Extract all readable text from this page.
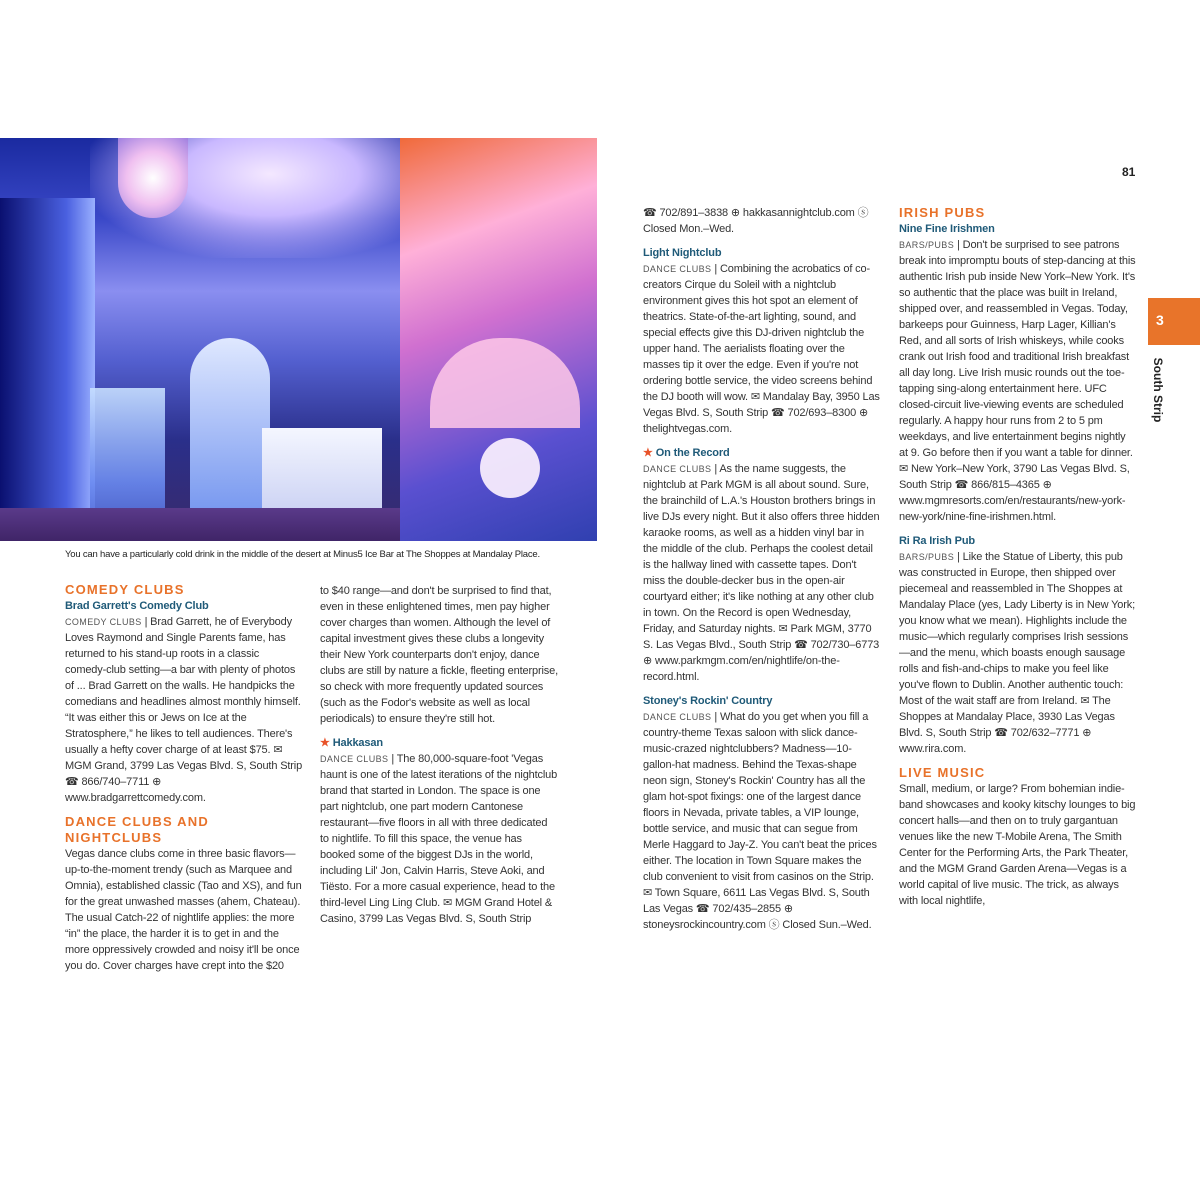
You can have a particularly cold drink in the middle of the desert at Minus5 Ice Bar at The Shoppes at Mandalay Place.
81
3
South Strip
COMEDY CLUBS
Brad Garrett's Comedy Club

COMEDY CLUBS | Brad Garrett, he of Everybody Loves Raymond and Single Parents fame, has returned to his stand-up roots in a classic comedy-club setting—a bar with plenty of photos of ... Brad Garrett on the walls. He handpicks the comedians and headlines almost monthly himself. “It was either this or Jews on Ice at the Stratosphere,” he likes to tell audiences. There's usually a hefty cover charge of at least $75. ✉ MGM Grand, 3799 Las Vegas Blvd. S, South Strip ☎ 866/740–7711 ⊕ www.bradgarrettcomedy.com.

DANCE CLUBS AND NIGHTCLUBS

Vegas dance clubs come in three basic flavors—up-to-the-moment trendy (such as Marquee and Omnia), established classic (Tao and XS), and fun for the great unwashed masses (ahem, Chateau). The usual Catch-22 of nightlife applies: the more “in” the place, the harder it is to get in and the more oppressively crowded and noisy it'll be once you do. Cover charges have crept into the $20

to $40 range—and don't be surprised to find that, even in these enlightened times, men pay higher cover charges than women. Although the level of capital investment gives these clubs a longevity their New York counterparts don't enjoy, dance clubs are still by nature a fickle, fleeting enterprise, so check with more frequently updated sources (such as the Fodor's website as well as local periodicals) to ensure they're still hot.

★ Hakkasan

DANCE CLUBS | The 80,000-square-foot 'Vegas haunt is one of the latest iterations of the nightclub brand that started in London. The space is one part nightclub, one part modern Cantonese restaurant—five floors in all with three dedicated to nightlife. To fill this space, the venue has booked some of the biggest DJs in the world, including Lil' Jon, Calvin Harris, Steve Aoki, and Tiësto. For a more casual experience, head to the third-level Ling Ling Club. ✉ MGM Grand Hotel & Casino, 3799 Las Vegas Blvd. S, South Strip

☎ 702/891–3838 ⊕ hakkasannightclub.com ⓢ Closed Mon.–Wed.

Light Nightclub

DANCE CLUBS | Combining the acrobatics of co-creators Cirque du Soleil with a nightclub environment gives this hot spot an element of theatrics. State-of-the-art lighting, sound, and special effects give this DJ-driven nightclub the upper hand. The aerialists floating over the masses tip it over the edge. Even if you're not ordering bottle service, the video screens behind the DJ booth will wow. ✉ Mandalay Bay, 3950 Las Vegas Blvd. S, South Strip ☎ 702/693–8300 ⊕ thelightvegas.com.

★ On the Record

DANCE CLUBS | As the name suggests, the nightclub at Park MGM is all about sound. Sure, the brainchild of L.A.'s Houston brothers brings in live DJs every night. But it also offers three hidden karaoke rooms, as well as a hidden vinyl bar in the middle of the club. Perhaps the coolest detail is the hallway lined with cassette tapes. Don't miss the double-decker bus in the open-air courtyard either; it's like nothing at any other club in town. On the Record is open Wednesday, Friday, and Saturday nights. ✉ Park MGM, 3770 S. Las Vegas Blvd., South Strip ☎ 702/730–6773 ⊕ www.parkmgm.com/en/nightlife/on-the-record.html.

Stoney's Rockin' Country

DANCE CLUBS | What do you get when you fill a country-theme Texas saloon with slick dance-music-crazed nightclubbers? Madness—10-gallon-hat madness. Behind the Texas-shape neon sign, Stoney's Rockin' Country has all the glam hot-spot fixings: one of the largest dance floors in Nevada, private tables, a VIP lounge, bottle service, and music that can segue from Merle Haggard to Jay-Z. You can't beat the prices either. The location in Town Square makes the club convenient to visit from casinos on the Strip. ✉ Town Square, 6611 Las Vegas Blvd. S, South Las Vegas ☎ 702/435–2855 ⊕ stoneysrockincountry.com ⓢ Closed Sun.–Wed.

IRISH PUBS
Nine Fine Irishmen

BARS/PUBS | Don't be surprised to see patrons break into impromptu bouts of step-dancing at this authentic Irish pub inside New York–New York. It's so authentic that the place was built in Ireland, shipped over, and reassembled in Vegas. Today, barkeeps pour Guinness, Harp Lager, Killian's Red, and all sorts of Irish whiskeys, while cooks crank out Irish food and traditional Irish breakfast all day long. Live Irish music rounds out the toe-tapping sing-along entertainment here. UFC closed-circuit live-viewing events are scheduled regularly. A happy hour runs from 2 to 5 pm weekdays, and live entertainment begins nightly at 9. Go before then if you want a table for dinner. ✉ New York–New York, 3790 Las Vegas Blvd. S, South Strip ☎ 866/815–4365 ⊕ www.mgmresorts.com/en/restaurants/new-york-new-york/nine-fine-irishmen.html.

Ri Ra Irish Pub

BARS/PUBS | Like the Statue of Liberty, this pub was constructed in Europe, then shipped over piecemeal and reassembled in The Shoppes at Mandalay Place (yes, Lady Liberty is in New York; you know what we mean). Highlights include the music—which regularly comprises Irish sessions—and the menu, which boasts enough sausage rolls and fish-and-chips to make you feel like you've flown to Dublin. Another authentic touch: Most of the wait staff are from Ireland. ✉ The Shoppes at Mandalay Place, 3930 Las Vegas Blvd. S, South Strip ☎ 702/632–7771 ⊕ www.rira.com.

LIVE MUSIC

Small, medium, or large? From bohemian indie-band showcases and kooky kitschy lounges to big concert halls—and then on to truly gargantuan venues like the new T-Mobile Arena, The Smith Center for the Performing Arts, the Park Theater, and the MGM Grand Garden Arena—Vegas is a world capital of live music. The trick, as always with local nightlife,
